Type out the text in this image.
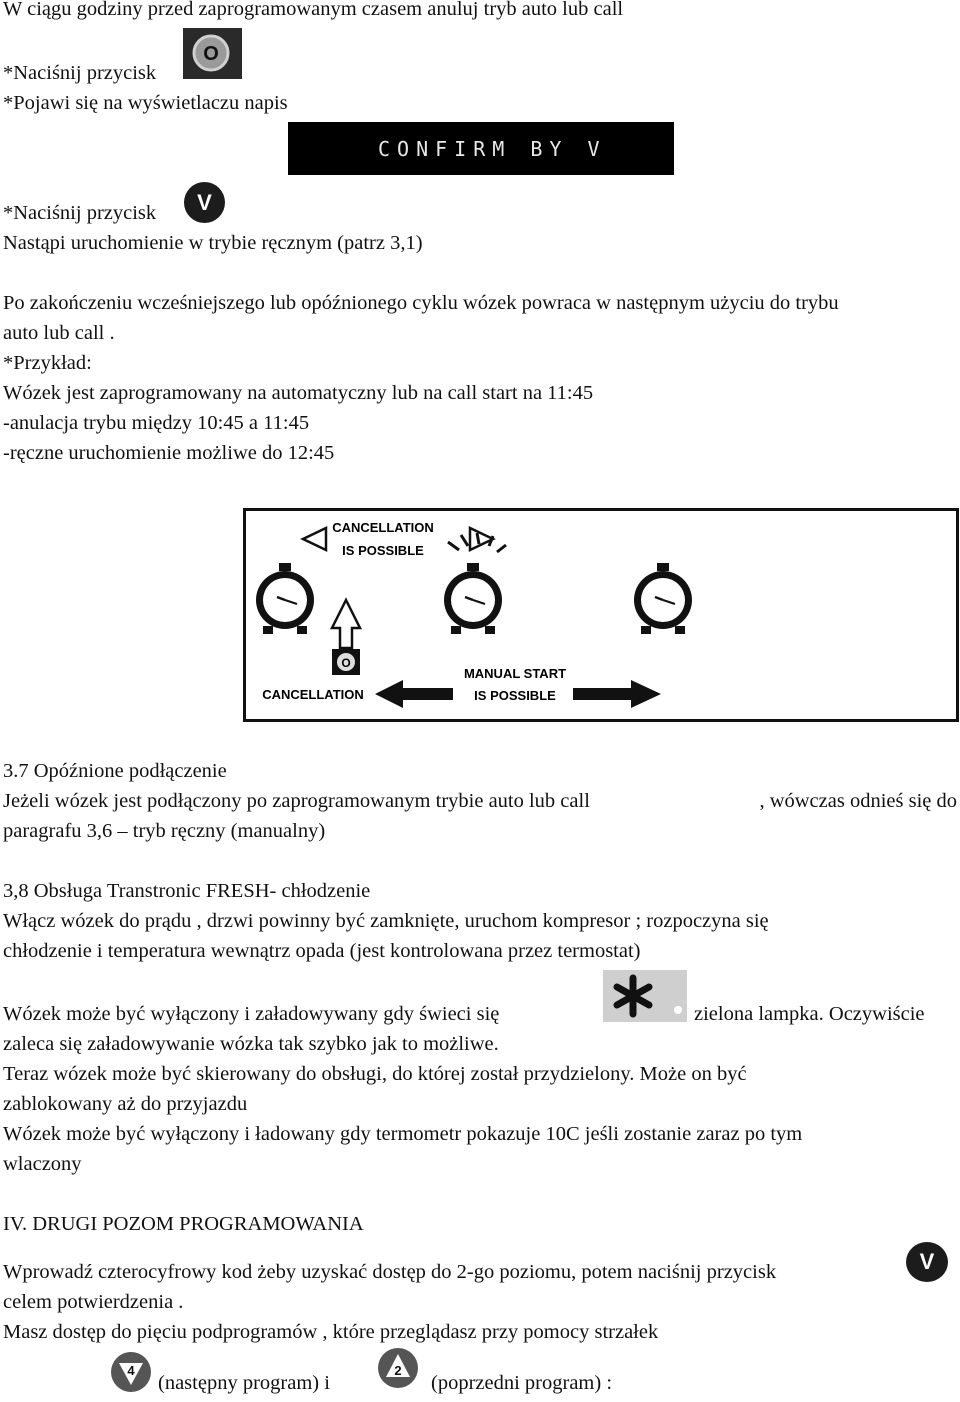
W ciągu godziny przed zaprogramowanym czasem anuluj tryb auto lub call
*Naciśnij przycisk
O
*Pojawi się na wyświetlaczu napis
CONFIRM BY V
*Naciśnij przycisk	V
Nastąpi uruchomienie w trybie ręcznym (patrz 3,1)
Po zakończeniu wcześniejszego lub opóźnionego cyklu wózek powraca w następnym użyciu do trybu
auto lub call .
*Przykład:
Wózek jest zaprogramowany na automatyczny lub na call start na 11:45
-anulacja trybu między 10:45 a 11:45
-ręczne uruchomienie możliwe do 12:45
CANCELLATION
IS POSSIBLE
O
CANCELLATION
MANUAL START
IS POSSIBLE
3.7 Opóźnione podłączenie
Jeżeli wózek jest podłączony po zaprogramowanym trybie auto lub call	, wówczas odnieś się do
paragrafu 3,6 – tryb ręczny (manualny)
3,8 Obsługa Transtronic FRESH- chłodzenie
Włącz wózek do prądu , drzwi powinny być zamknięte, uruchom kompresor ; rozpoczyna się
chłodzenie i temperatura wewnątrz opada (jest kontrolowana przez termostat)
Wózek może być wyłączony i załadowywany gdy świeci się	zielona lampka. Oczywiście
zaleca się załadowywanie wózka tak szybko jak to możliwe.
Teraz wózek może być skierowany do obsługi, do której został przydzielony. Może on być
zablokowany aż do przyjazdu
Wózek może być wyłączony i ładowany gdy termometr pokazuje 10C jeśli zostanie zaraz po tym
wlaczony
IV. DRUGI POZOM PROGRAMOWANIA
Wprowadź czterocyfrowy kod żeby uzyskać dostęp do 2-go poziomu, potem naciśnij przycisk	V
celem potwierdzenia .
Masz dostęp do pięciu podprogramów , które przeglądasz przy pomocy strzałek
4
(następny program) i
2
(poprzedni program) :
